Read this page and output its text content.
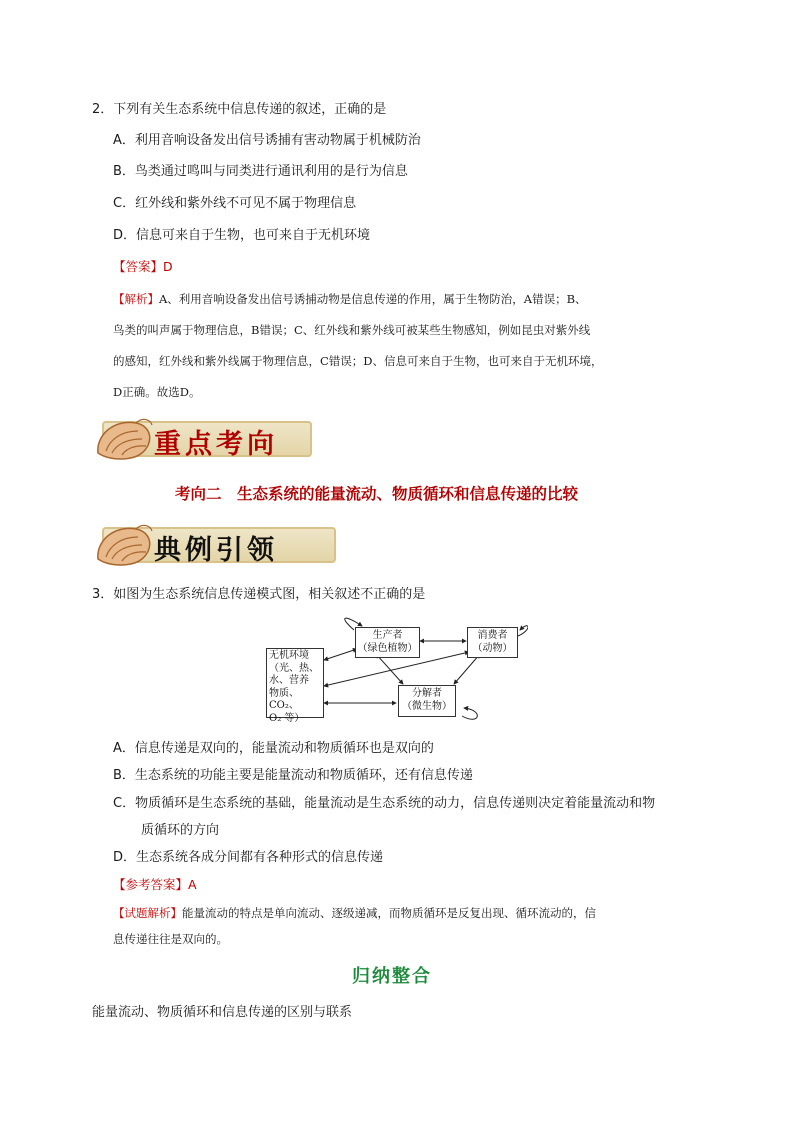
2．下列有关生态系统中信息传递的叙述，正确的是
A．利用音响设备发出信号诱捕有害动物属于机械防治
B．鸟类通过鸣叫与同类进行通讯利用的是行为信息
C．红外线和紫外线不可见不属于物理信息
D．信息可来自于生物，也可来自于无机环境
【答案】D
【解析】A、利用音响设备发出信号诱捕动物是信息传递的作用，属于生物防治，A错误；B、
鸟类的叫声属于物理信息，B错误；C、红外线和紫外线可被某些生物感知，例如昆虫对紫外线
的感知，红外线和紫外线属于物理信息，C错误；D、信息可来自于生物，也可来自于无机环境，
D正确。故选D。
重点考向
考向二　生态系统的能量流动、物质循环和信息传递的比较
典例引领
3．如图为生态系统信息传递模式图，相关叙述不正确的是
无机环境
（光、热、
水、营养
物质、CO₂、
O₂ 等）
生产者
（绿色植物）
消费者
（动物）
分解者
（微生物）
A．信息传递是双向的，能量流动和物质循环也是双向的
B．生态系统的功能主要是能量流动和物质循环，还有信息传递
C．物质循环是生态系统的基础，能量流动是生态系统的动力，信息传递则决定着能量流动和物
质循环的方向
D．生态系统各成分间都有各种形式的信息传递
【参考答案】A
【试题解析】能量流动的特点是单向流动、逐级递减，而物质循环是反复出现、循环流动的，信
息传递往往是双向的。
归纳整合
能量流动、物质循环和信息传递的区别与联系
